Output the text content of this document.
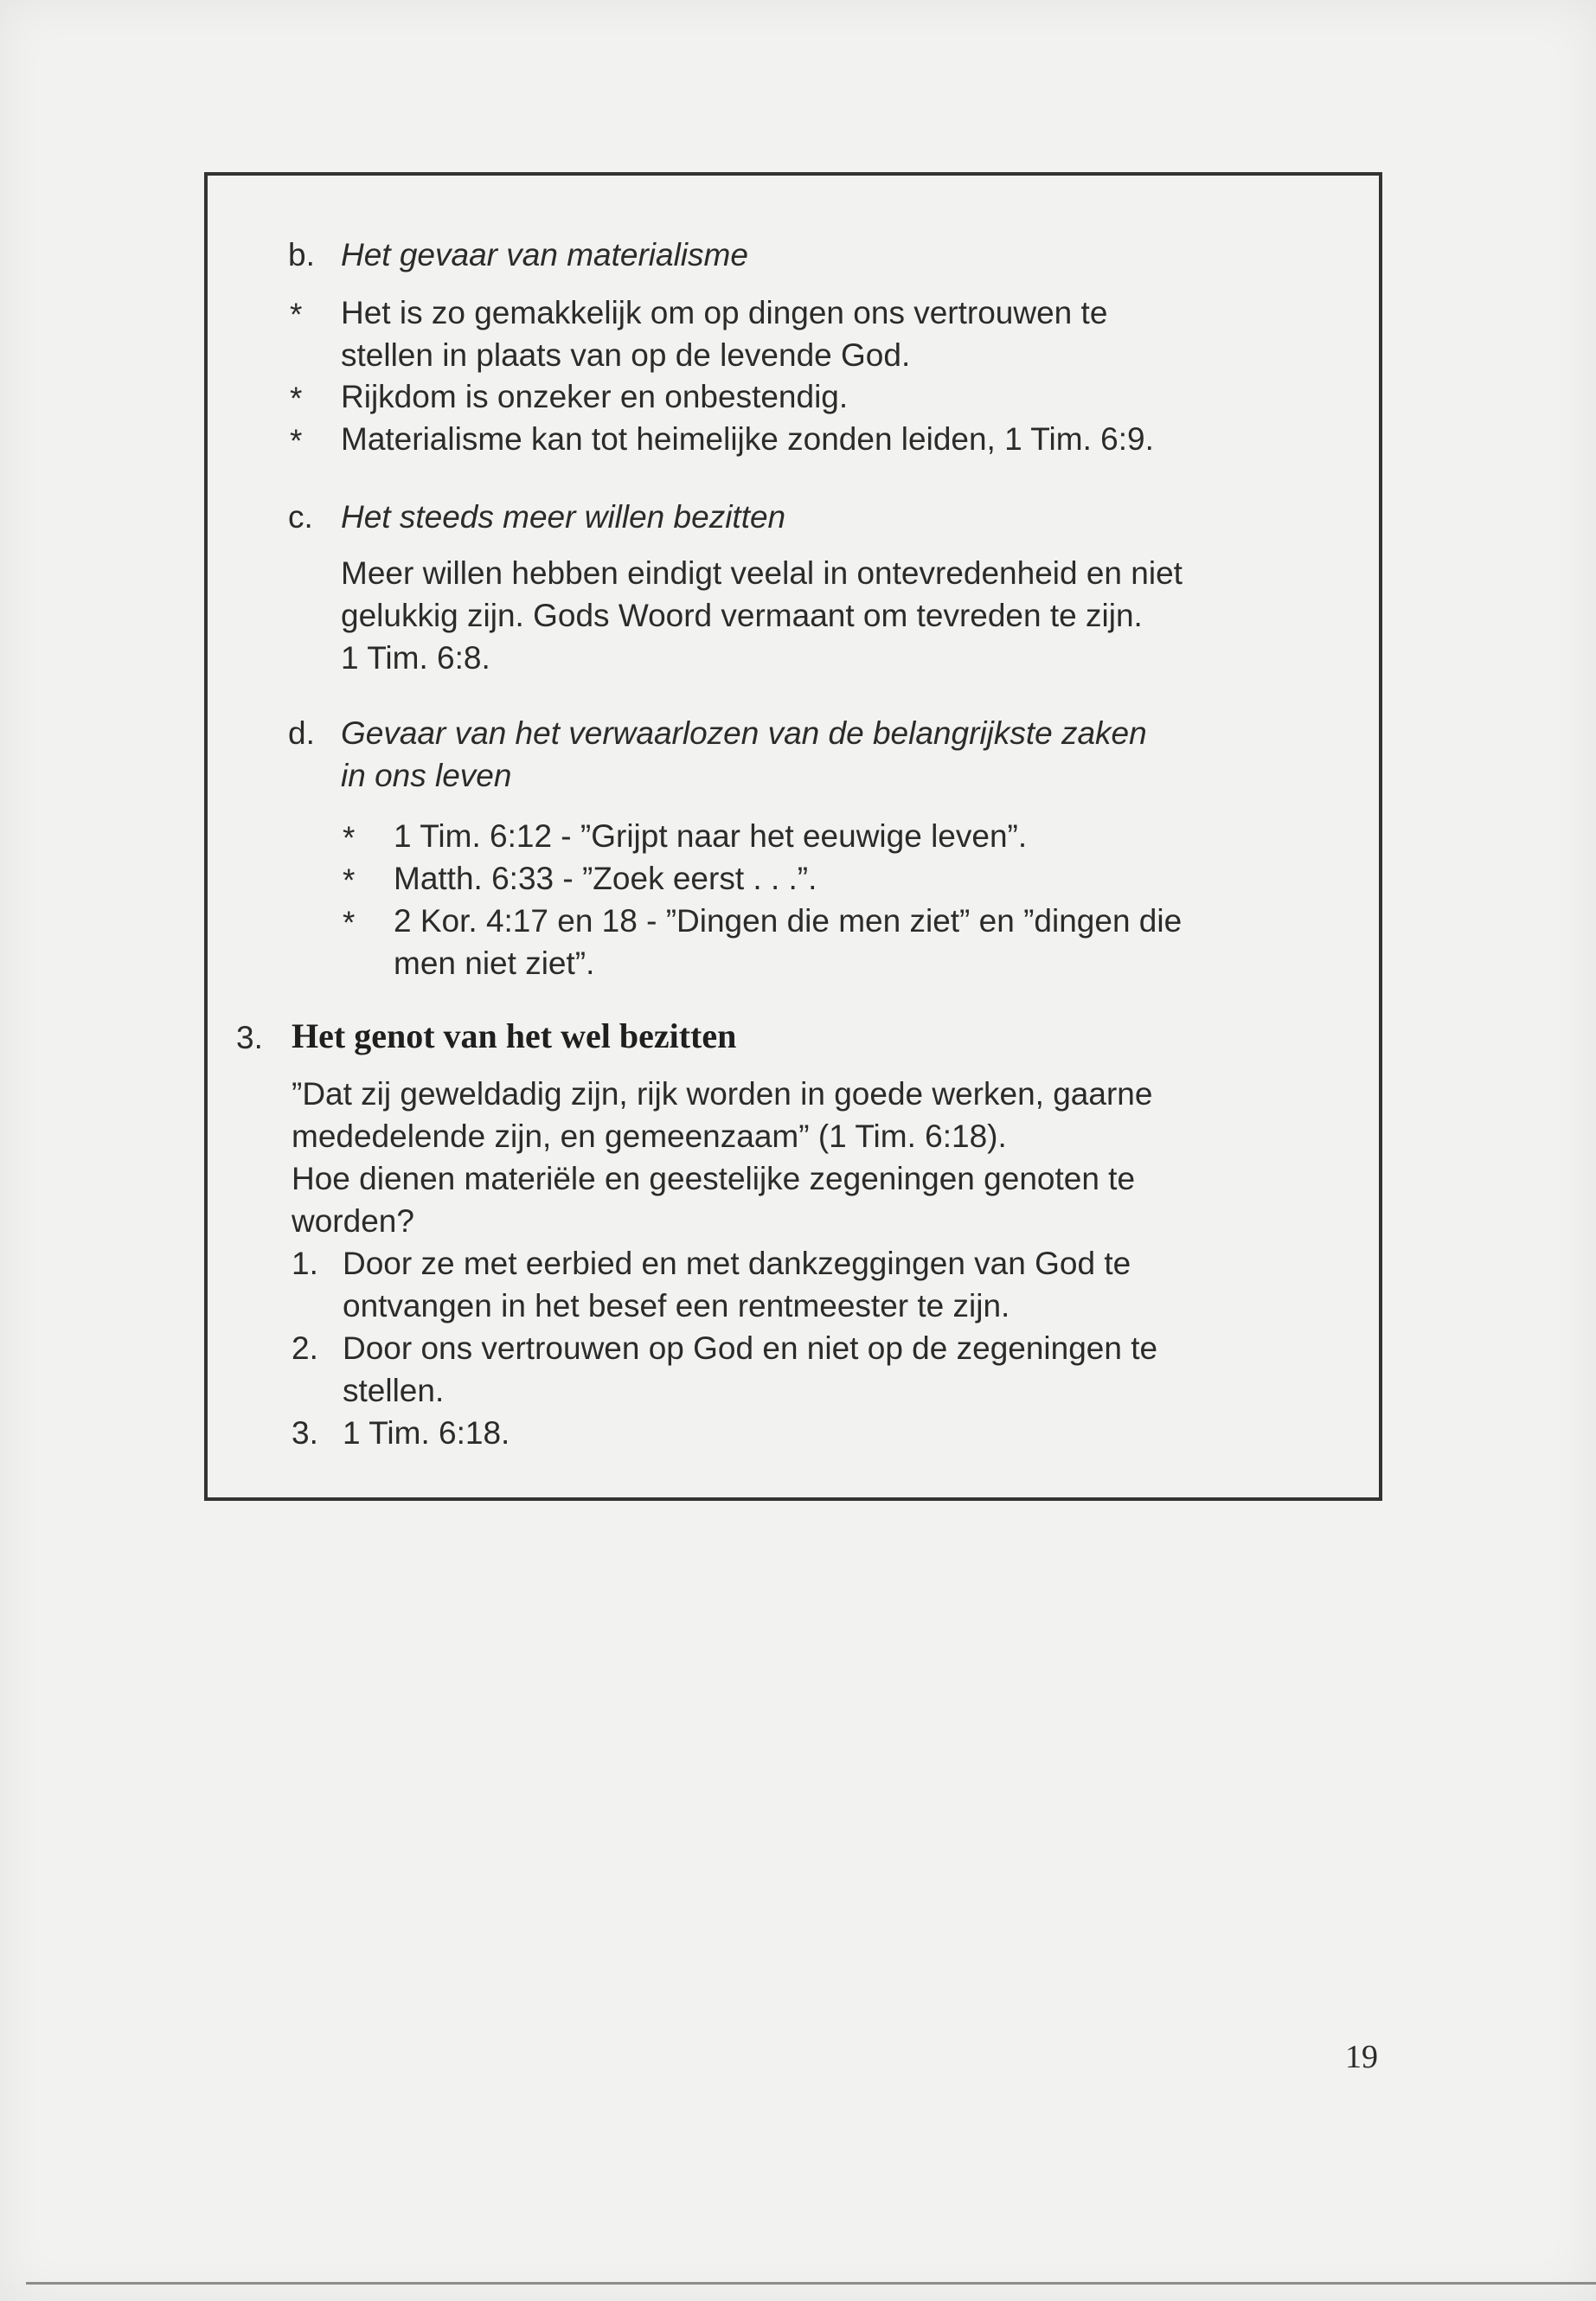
b. Het gevaar van materialisme
* Het is zo gemakkelijk om op dingen ons vertrouwen te
stellen in plaats van op de levende God.
* Rijkdom is onzeker en onbestendig.
* Materialisme kan tot heimelijke zonden leiden, 1 Tim. 6:9.
c. Het steeds meer willen bezitten
Meer willen hebben eindigt veelal in ontevredenheid en niet
gelukkig zijn. Gods Woord vermaant om tevreden te zijn.
1 Tim. 6:8.
d. Gevaar van het verwaarlozen van de belangrijkste zaken
in ons leven
* 1 Tim. 6:12 - ”Grijpt naar het eeuwige leven”.
* Matth. 6:33 - ”Zoek eerst . . .”.
* 2 Kor. 4:17 en 18 - ”Dingen die men ziet” en ”dingen die
men niet ziet”.
3. Het genot van het wel bezitten
”Dat zij geweldadig zijn, rijk worden in goede werken, gaarne
mededelende zijn, en gemeenzaam” (1 Tim. 6:18).
Hoe dienen materiële en geestelijke zegeningen genoten te
worden?
1. Door ze met eerbied en met dankzeggingen van God te
ontvangen in het besef een rentmeester te zijn.
2. Door ons vertrouwen op God en niet op de zegeningen te
stellen.
3. 1 Tim. 6:18.
19
